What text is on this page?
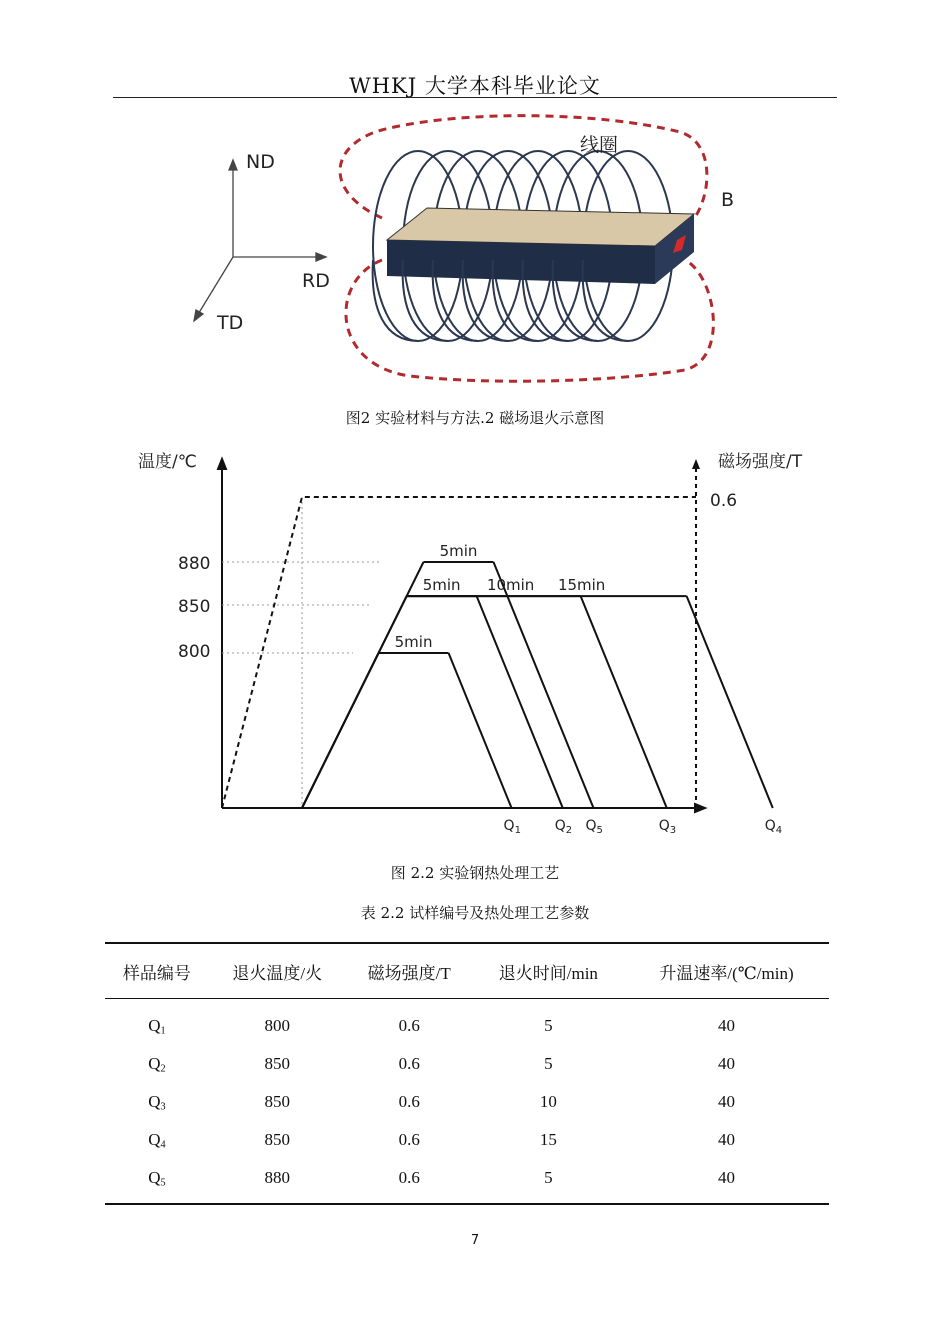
WHKJ 大学本科毕业论文
ND
RD
TD
线圈
B
图2 实验材料与方法.2 磁场退火示意图
温度/℃	磁场强度/T
880
850
800
0.6
5min
5min
5min
10min 15min
$Q_1$ $Q_2$ $Q_5$	$Q_3$	$Q_4$
图 2.2 实验钢热处理工艺
表 2.2 试样编号及热处理工艺参数
样品编号	退火温度/火	磁场强度/T	退火时间/min	升温速率/(℃/min)
$Q_1$	800	0.6	5	40
$Q_2$	850	0.6	5	40
$Q_3$	850	0.6	10	40
$Q_4$	850	0.6	15	40
$Q_5$	880	0.6	5	40
7
